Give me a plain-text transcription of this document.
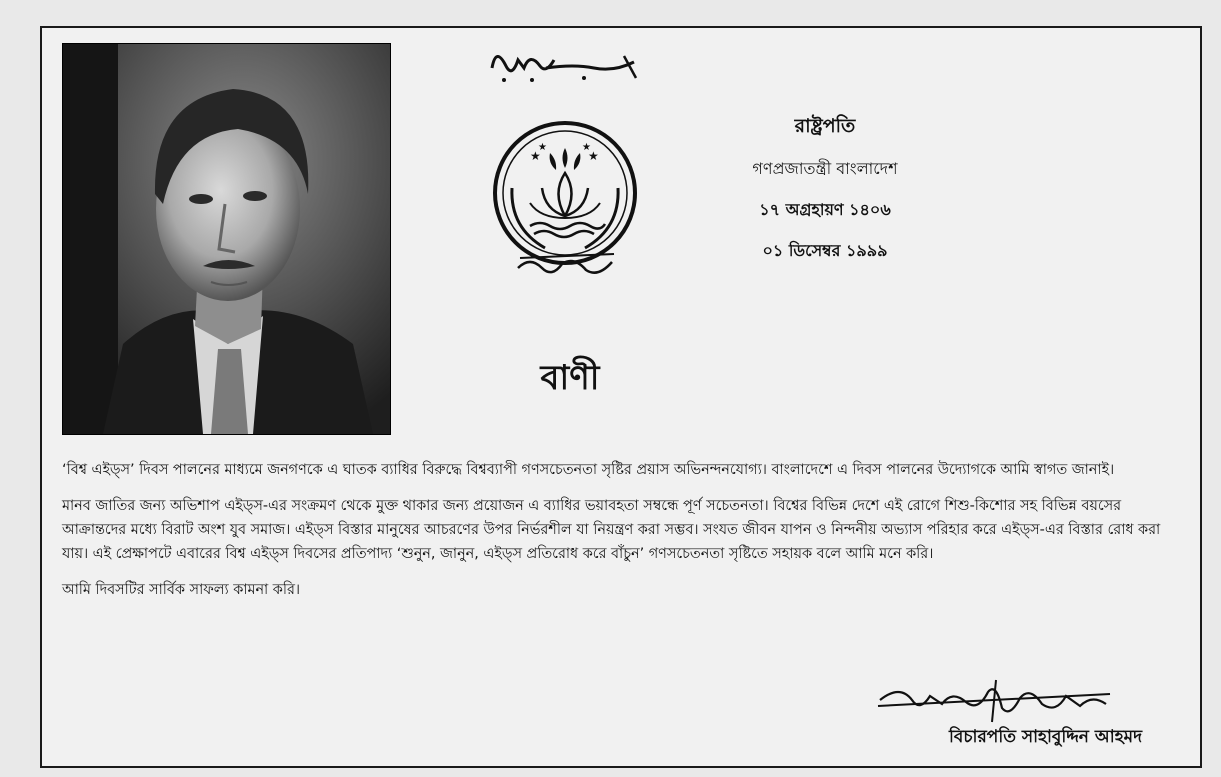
★	★
★	★
রাষ্ট্রপতি
গণপ্রজাতন্ত্রী বাংলাদেশ
১৭ অগ্রহায়ণ ১৪০৬
০১ ডিসেম্বর ১৯৯৯
বাণী

‘বিশ্ব এইড্‌স’ দিবস পালনের মাধ্যমে জনগণকে এ ঘাতক ব্যাধির বিরুদ্ধে বিশ্বব্যাপী গণসচেতনতা সৃষ্টির প্রয়াস অভিনন্দনযোগ্য। বাংলাদেশে এ দিবস পালনের উদ্যোগকে আমি স্বাগত জানাই।

মানব জাতির জন্য অভিশাপ এইড্‌স-এর সংক্রমণ থেকে মুক্ত থাকার জন্য প্রয়োজন এ ব্যাধির ভয়াবহতা সম্বন্ধে পূর্ণ সচেতনতা। বিশ্বের বিভিন্ন দেশে এই রোগে শিশু-কিশোর সহ বিভিন্ন বয়সের আক্রান্তদের মধ্যে বিরাট অংশ যুব সমাজ। এইড্‌স বিস্তার মানুষের আচরণের উপর নির্ভরশীল যা নিয়ন্ত্রণ করা সম্ভব। সংযত জীবন যাপন ও নিন্দনীয় অভ্যাস পরিহার করে এইড্‌স-এর বিস্তার রোধ করা যায়। এই প্রেক্ষাপটে এবারের বিশ্ব এইড্‌স দিবসের প্রতিপাদ্য ‘শুনুন, জানুন, এইড্‌স প্রতিরোধ করে বাঁচুন’ গণসচেতনতা সৃষ্টিতে সহায়ক বলে আমি মনে করি।

আমি দিবসটির সার্বিক সাফল্য কামনা করি।

বিচারপতি সাহাবুদ্দিন আহমদ
